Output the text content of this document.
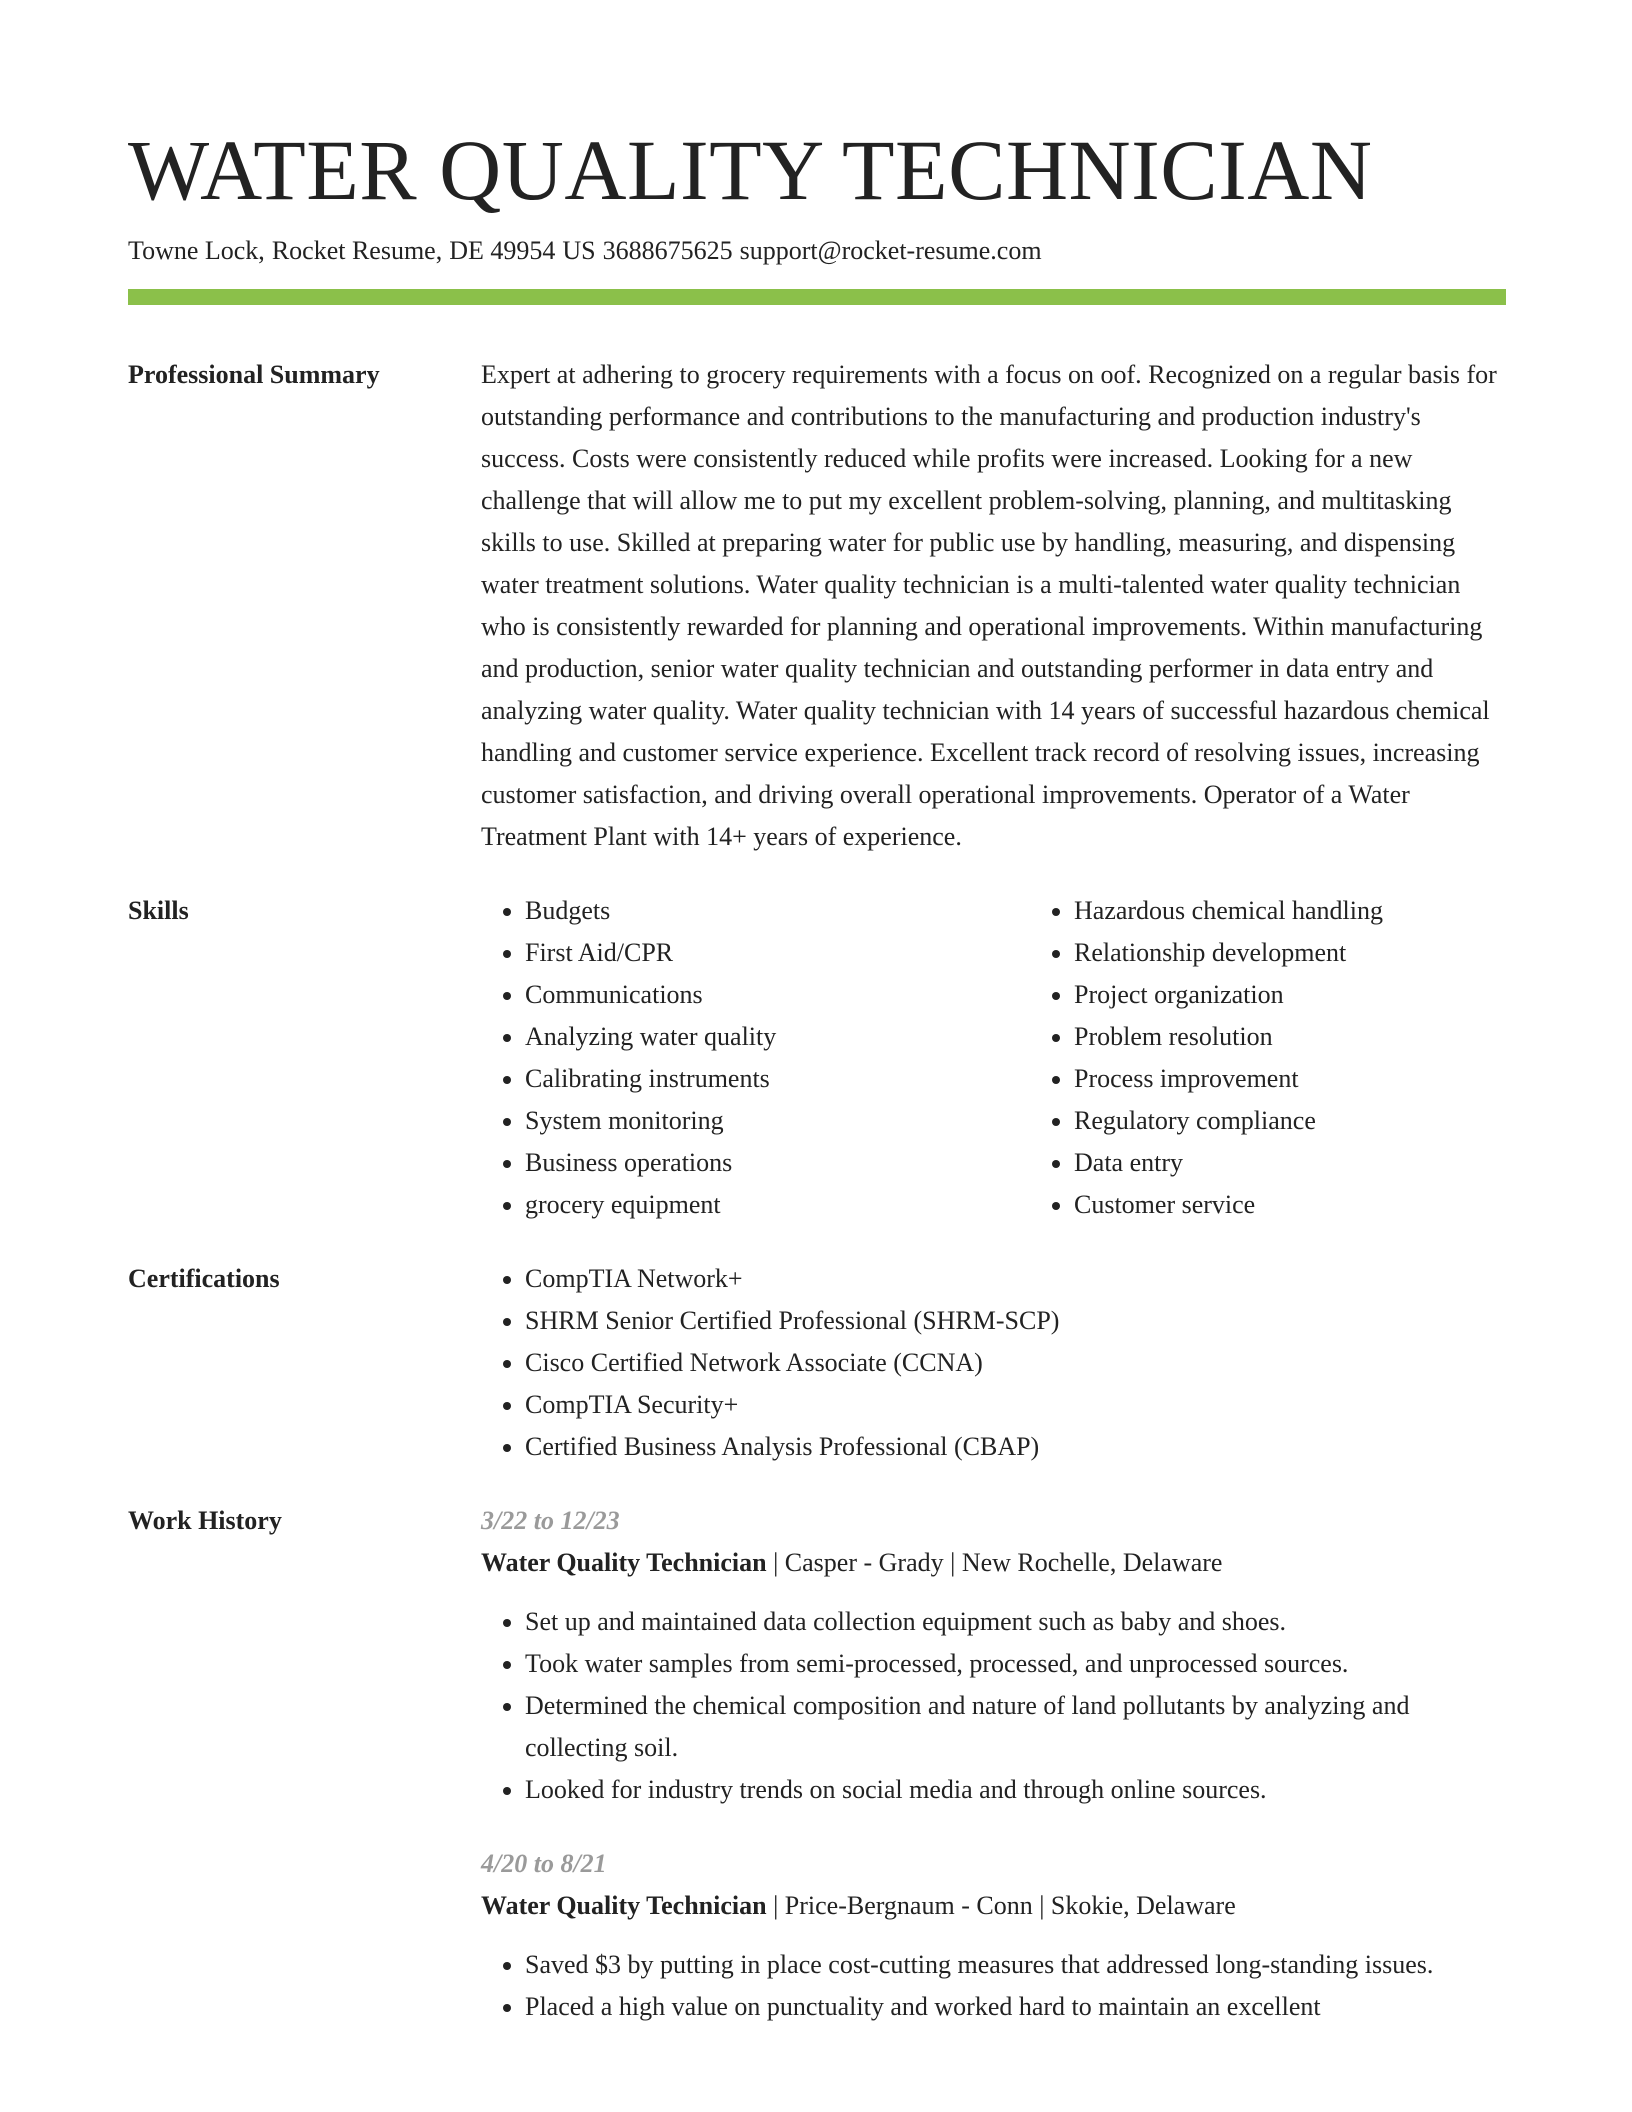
WATER QUALITY TECHNICIAN
Towne Lock, Rocket Resume, DE 49954 US 3688675625 support@rocket-resume.com
Professional Summary	Expert at adhering to grocery requirements with a focus on oof. Recognized on a regular basis for outstanding performance and contributions to the manufacturing and production industry's success. Costs were consistently reduced while profits were increased. Looking for a new challenge that will allow me to put my excellent problem-solving, planning, and multitasking skills to use. Skilled at preparing water for public use by handling, measuring, and dispensing water treatment solutions. Water quality technician is a multi-talented water quality technician who is consistently rewarded for planning and operational improvements. Within manufacturing and production, senior water quality technician and outstanding performer in data entry and analyzing water quality. Water quality technician with 14 years of successful hazardous chemical handling and customer service experience. Excellent track record of resolving issues, increasing customer satisfaction, and driving overall operational improvements. Operator of a Water Treatment Plant with 14+ years of experience.
Skills	• Budgets
• First Aid/CPR
• Communications
• Analyzing water quality
• Calibrating instruments
• System monitoring
• Business operations
• grocery equipment
• Hazardous chemical handling
• Relationship development
• Project organization
• Problem resolution
• Process improvement
• Regulatory compliance
• Data entry
• Customer service
Certifications	• CompTIA Network+
• SHRM Senior Certified Professional (SHRM-SCP)
• Cisco Certified Network Associate (CCNA)
• CompTIA Security+
• Certified Business Analysis Professional (CBAP)
Work History	3/22 to 12/23
Water Quality Technician | Casper - Grady | New Rochelle, Delaware
• Set up and maintained data collection equipment such as baby and shoes.
• Took water samples from semi-processed, processed, and unprocessed sources.
• Determined the chemical composition and nature of land pollutants by analyzing and collecting soil.
• Looked for industry trends on social media and through online sources.
4/20 to 8/21
Water Quality Technician | Price-Bergnaum - Conn | Skokie, Delaware
• Saved $3 by putting in place cost-cutting measures that addressed long-standing issues.
• Placed a high value on punctuality and worked hard to maintain an excellent
